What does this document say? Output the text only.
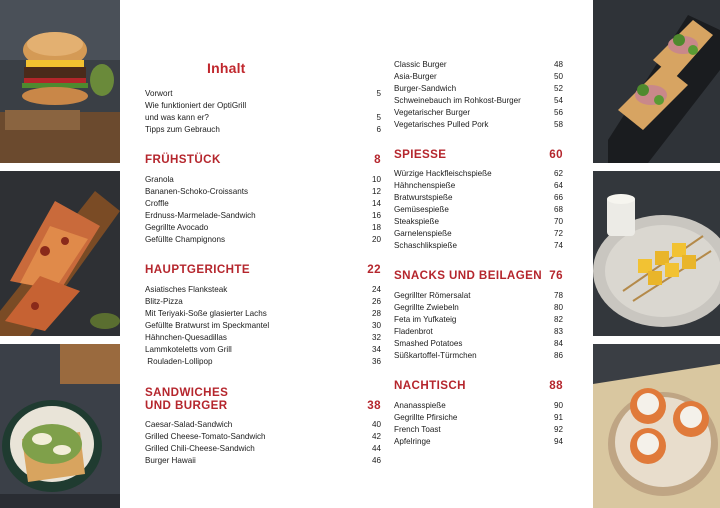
Inhalt
Vorwort	5
Wie funktioniert der OptiGrill
und was kann er?	5
Tipps zum Gebrauch	6
FRÜHSTÜCK	8
Granola	10
Bananen-Schoko-Croissants	12
Croffle	14
Erdnuss-Marmelade-Sandwich	16
Gegrillte Avocado	18
Gefüllte Champignons	20
HAUPTGERICHTE	22
Asiatisches Flanksteak	24
Blitz-Pizza	26
Mit Teriyaki-Soße glasierter Lachs	28
Gefüllte Bratwurst im Speckmantel	30
Hähnchen-Quesadillas	32
Lammkoteletts vom Grill	34
Rouladen-Lollipop	36
SANDWICHES
UND BURGER	38
Caesar-Salad-Sandwich	40
Grilled Cheese-Tomato-Sandwich	42
Grilled Chili-Cheese-Sandwich	44
Burger Hawaii	46
Classic Burger	48
Asia-Burger	50
Burger-Sandwich	52
Schweinebauch im Rohkost-Burger	54
Vegetarischer Burger	56
Vegetarisches Pulled Pork	58
SPIESSE	60
Würzige Hackfleischspieße	62
Hähnchenspieße	64
Bratwurstspieße	66
Gemüsespieße	68
Steakspieße	70
Garnelenspieße	72
Schaschlikspieße	74
SNACKS UND BEILAGEN 76
Gegrillter Römersalat	78
Gegrillte Zwiebeln	80
Feta im Yufkateig	82
Fladenbrot	83
Smashed Potatoes	84
Süßkartoffel-Türmchen	86
NACHTISCH	88
Ananasspieße	90
Gegrillte Pfirsiche	91
French Toast	92
Apfelringe	94
